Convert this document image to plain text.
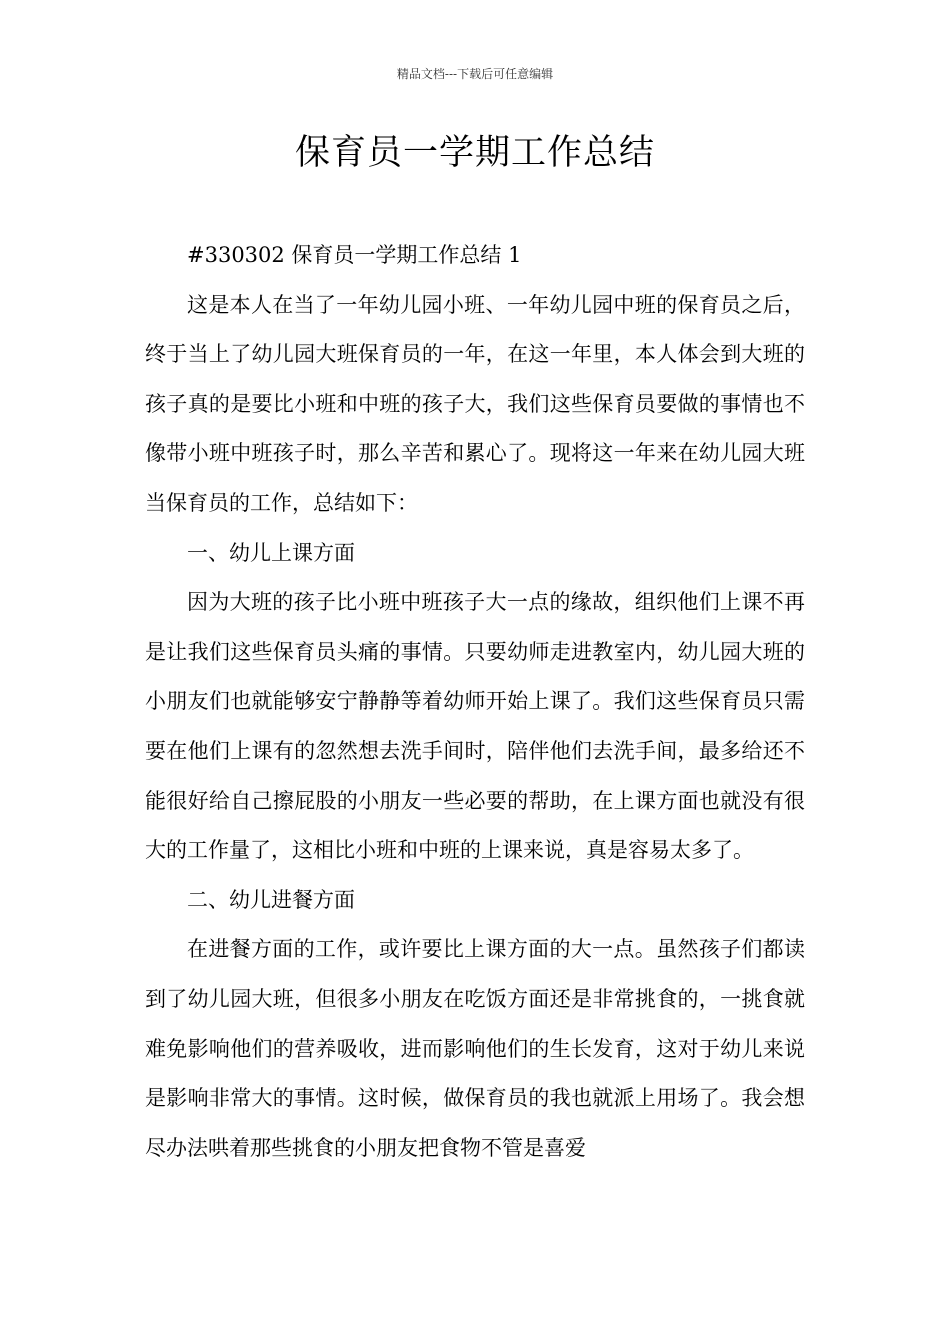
精品文档---下载后可任意编辑
保育员一学期工作总结

#330302 保育员一学期工作总结 1

这是本人在当了一年幼儿园小班、一年幼儿园中班的保育员之后，终于当上了幼儿园大班保育员的一年，在这一年里，本人体会到大班的孩子真的是要比小班和中班的孩子大，我们这些保育员要做的事情也不像带小班中班孩子时，那么辛苦和累心了。现将这一年来在幼儿园大班当保育员的工作，总结如下：

一、幼儿上课方面

因为大班的孩子比小班中班孩子大一点的缘故，组织他们上课不再是让我们这些保育员头痛的事情。只要幼师走进教室内，幼儿园大班的小朋友们也就能够安宁静静等着幼师开始上课了。我们这些保育员只需要在他们上课有的忽然想去洗手间时，陪伴他们去洗手间，最多给还不能很好给自己擦屁股的小朋友一些必要的帮助，在上课方面也就没有很大的工作量了，这相比小班和中班的上课来说，真是容易太多了。

二、幼儿进餐方面

在进餐方面的工作，或许要比上课方面的大一点。虽然孩子们都读到了幼儿园大班，但很多小朋友在吃饭方面还是非常挑食的，一挑食就难免影响他们的营养吸收，进而影响他们的生长发育，这对于幼儿来说是影响非常大的事情。这时候，做保育员的我也就派上用场了。我会想尽办法哄着那些挑食的小朋友把食物不管是喜爱
